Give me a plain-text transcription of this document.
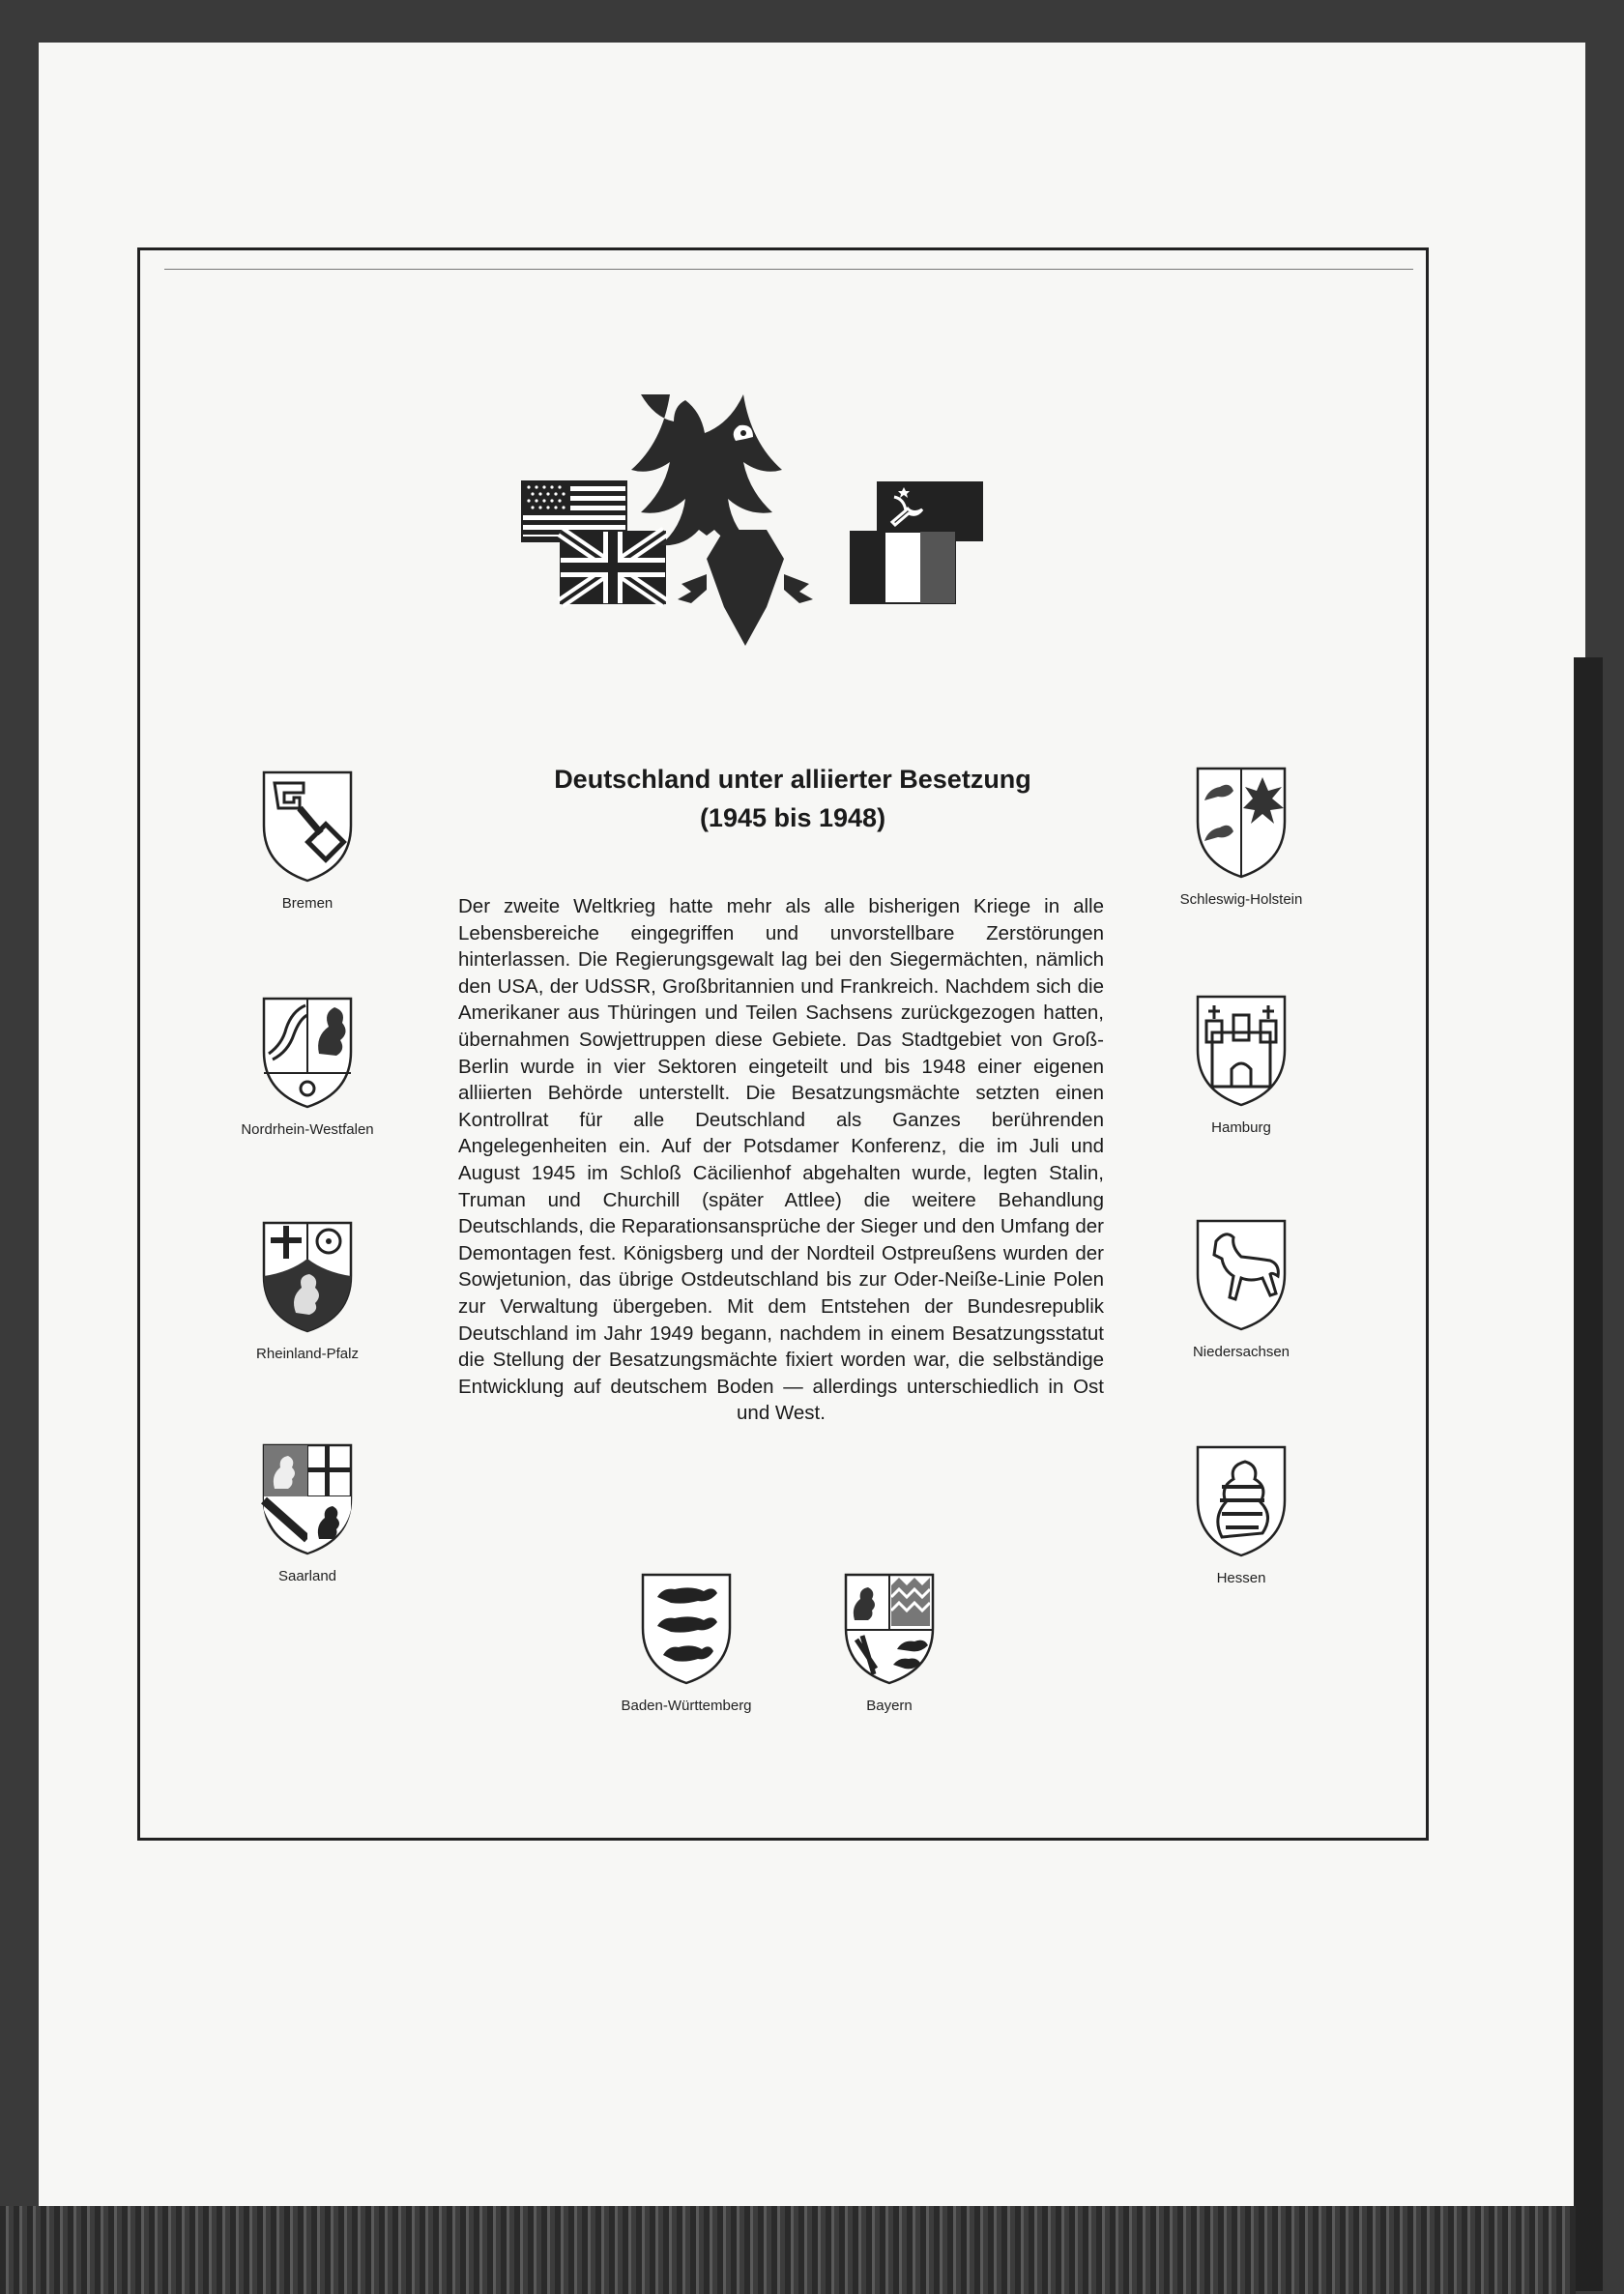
Deutschland unter alliierter Besetzung
(1945 bis 1948)
Der zweite Weltkrieg hatte mehr als alle bisherigen Kriege in alle Lebensbereiche eingegriffen und unvorstellbare Zerstörungen hinterlassen. Die Regierungsgewalt lag bei den Siegermächten, nämlich den USA, der UdSSR, Großbritannien und Frankreich. Nachdem sich die Amerikaner aus Thüringen und Teilen Sachsens zurückgezogen hatten, übernahmen Sowjettruppen diese Gebiete. Das Stadtgebiet von Groß-Berlin wurde in vier Sektoren eingeteilt und bis 1948 einer eigenen alliierten Behörde unterstellt. Die Besatzungsmächte setzten einen Kontrollrat für alle Deutschland als Ganzes berührenden Angelegenheiten ein. Auf der Potsdamer Konferenz, die im Juli und August 1945 im Schloß Cäcilienhof abgehalten wurde, legten Stalin, Truman und Churchill (später Attlee) die weitere Behandlung Deutschlands, die Reparationsansprüche der Sieger und den Umfang der Demontagen fest. Königsberg und der Nordteil Ostpreußens wurden der Sowjetunion, das übrige Ostdeutschland bis zur Oder-Neiße-Linie Polen zur Verwaltung übergeben. Mit dem Entstehen der Bundesrepublik Deutschland im Jahr 1949 begann, nachdem in einem Besatzungsstatut die Stellung der Besatzungsmächte fixiert worden war, die selbständige Entwicklung auf deutschem Boden — allerdings unterschiedlich in Ost und West.
Bremen
Nordrhein-Westfalen
Rheinland-Pfalz
Saarland
Schleswig-Holstein
Hamburg
Niedersachsen
Hessen
Baden-Württemberg	Bayern
